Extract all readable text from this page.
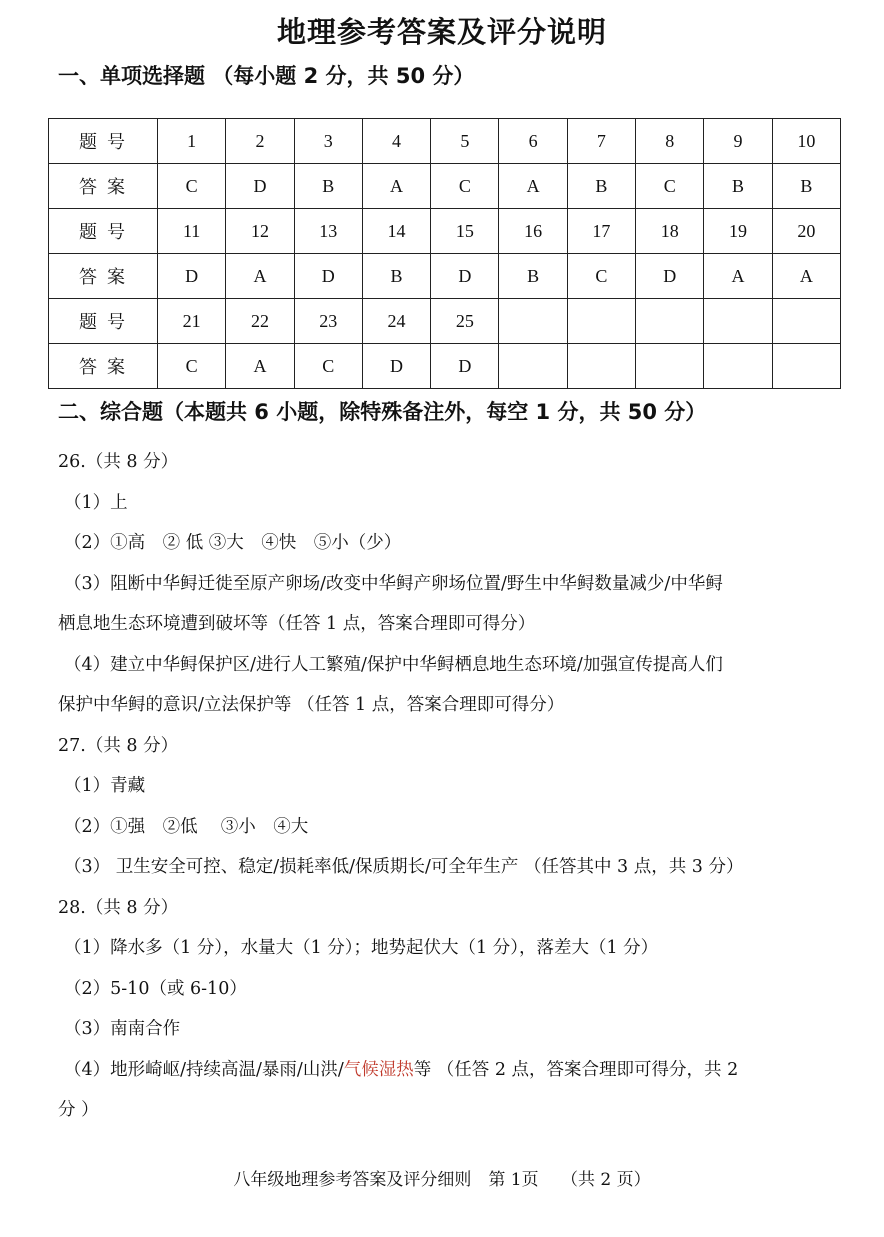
地理参考答案及评分说明
一、单项选择题 （每小题 2 分，共 50 分）
题号	1	2	3	4	5	6	7	8	9	10
答案	C	D	B	A	C	A	B	C	B	B
题号	11	12	13	14	15	16	17	18	19	20
答案	D	A	D	B	D	B	C	D	A	A
题号	21	22	23	24	25					
答案	C	A	C	D	D					
二、综合题（本题共 6 小题，除特殊备注外，每空 1 分，共 50 分）
26.（共 8 分）
（1）上
（2）①高　② 低 ③大　④快　⑤小（少）
（3）阻断中华鲟迁徙至原产卵场/改变中华鲟产卵场位置/野生中华鲟数量减少/中华鲟
栖息地生态环境遭到破坏等（任答 1 点，答案合理即可得分）
（4）建立中华鲟保护区/进行人工繁殖/保护中华鲟栖息地生态环境/加强宣传提高人们
保护中华鲟的意识/立法保护等 （任答 1 点，答案合理即可得分）
27.（共 8 分）
（1）青藏
（2）①强　②低　 ③小　④大
（3） 卫生安全可控、稳定/损耗率低/保质期长/可全年生产 （任答其中 3 点，共 3 分）
28.（共 8 分）
（1）降水多（1 分），水量大（1 分）；地势起伏大（1 分），落差大（1 分）
（2）5-10（或 6-10）
（3）南南合作
（4）地形崎岖/持续高温/暴雨/山洪/气候湿热等 （任答 2 点，答案合理即可得分，共 2
分 ）
八年级地理参考答案及评分细则　第 1页　 （共 2 页）
